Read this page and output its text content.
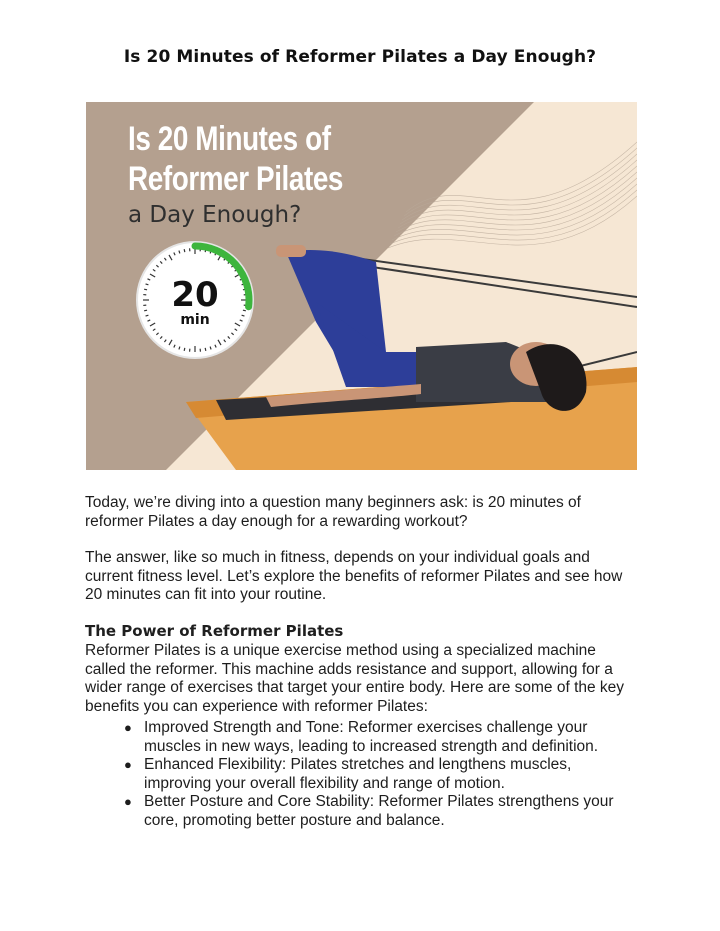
Is 20 Minutes of Reformer Pilates a Day Enough?
Is 20 Minutes of
Reformer Pilates
a Day Enough?
20
min
Today, we’re diving into a question many beginners ask: is 20 minutes of reformer Pilates a day enough for a rewarding workout?
The answer, like so much in fitness, depends on your individual goals and current fitness level. Let’s explore the benefits of reformer Pilates and see how 20 minutes can fit into your routine.
The Power of Reformer Pilates
Reformer Pilates is a unique exercise method using a specialized machine called the reformer. This machine adds resistance and support, allowing for a wider range of exercises that target your entire body. Here are some of the key benefits you can experience with reformer Pilates:
● Improved Strength and Tone: Reformer exercises challenge your muscles in new ways, leading to increased strength and definition.
● Enhanced Flexibility: Pilates stretches and lengthens muscles, improving your overall flexibility and range of motion.
● Better Posture and Core Stability: Reformer Pilates strengthens your core, promoting better posture and balance.
